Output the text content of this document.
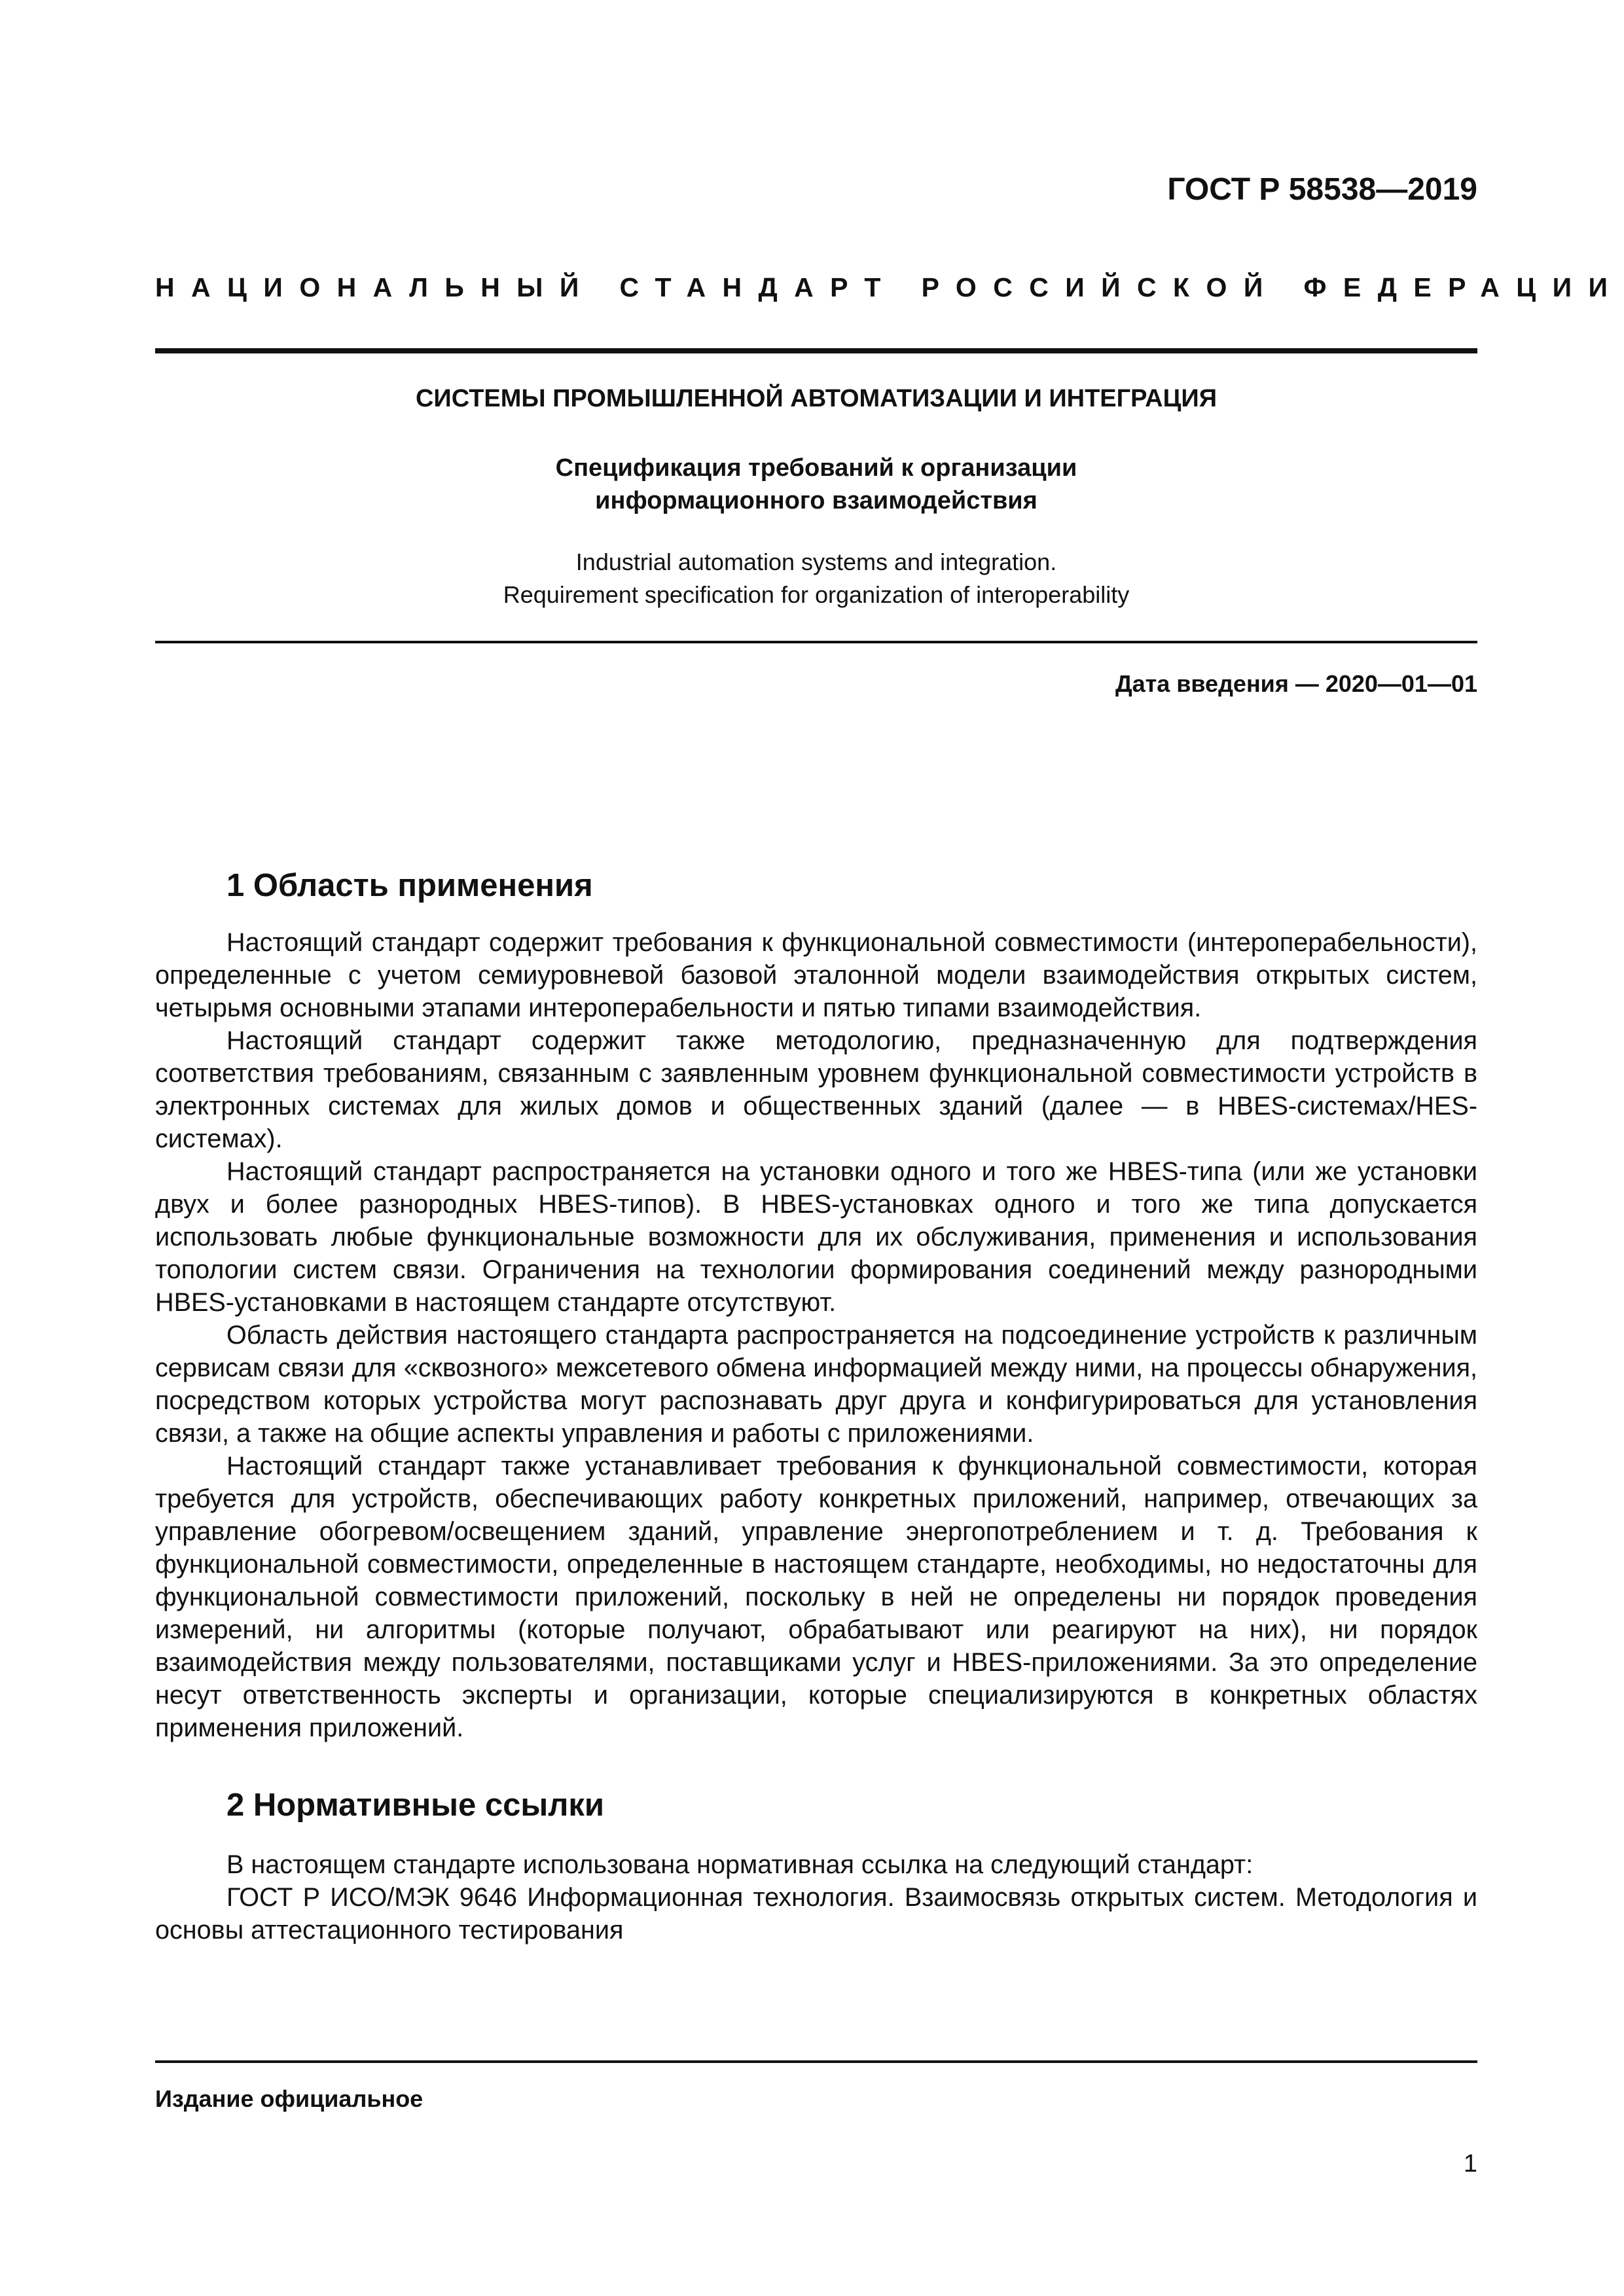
ГОСТ Р 58538—2019
НАЦИОНАЛЬНЫЙ СТАНДАРТ РОССИЙСКОЙ ФЕДЕРАЦИИ
СИСТЕМЫ ПРОМЫШЛЕННОЙ АВТОМАТИЗАЦИИ И ИНТЕГРАЦИЯ
Спецификация требований к организации
информационного взаимодействия
Industrial automation systems and integration.
Requirement specification for organization of interoperability
Дата введения — 2020—01—01
1 Область применения

Настоящий стандарт содержит требования к функциональной совместимости (интероперабельности), определенные с учетом семиуровневой базовой эталонной модели взаимодействия открытых систем, четырьмя основными этапами интероперабельности и пятью типами взаимодействия.

Настоящий стандарт содержит также методологию, предназначенную для подтверждения соответствия требованиям, связанным с заявленным уровнем функциональной совместимости устройств в электронных системах для жилых домов и общественных зданий (далее — в HBES-системах/HES-системах).

Настоящий стандарт распространяется на установки одного и того же HBES-типа (или же установки двух и более разнородных HBES-типов). В HBES-установках одного и того же типа допускается использовать любые функциональные возможности для их обслуживания, применения и использования топологии систем связи. Ограничения на технологии формирования соединений между разнородными HBES-установками в настоящем стандарте отсутствуют.

Область действия настоящего стандарта распространяется на подсоединение устройств к различным сервисам связи для «сквозного» межсетевого обмена информацией между ними, на процессы обнаружения, посредством которых устройства могут распознавать друг друга и конфигурироваться для установления связи, а также на общие аспекты управления и работы с приложениями.

Настоящий стандарт также устанавливает требования к функциональной совместимости, которая требуется для устройств, обеспечивающих работу конкретных приложений, например, отвечающих за управление обогревом/освещением зданий, управление энергопотреблением и т. д. Требования к функциональной совместимости, определенные в настоящем стандарте, необходимы, но недостаточны для функциональной совместимости приложений, поскольку в ней не определены ни порядок проведения измерений, ни алгоритмы (которые получают, обрабатывают или реагируют на них), ни порядок взаимодействия между пользователями, поставщиками услуг и HBES-приложениями. За это определение несут ответственность эксперты и организации, которые специализируются в конкретных областях применения приложений.

2 Нормативные ссылки

В настоящем стандарте использована нормативная ссылка на следующий стандарт:

ГОСТ Р ИСО/МЭК 9646 Информационная технология. Взаимосвязь открытых систем. Методология и основы аттестационного тестирования

Издание официальное
1
